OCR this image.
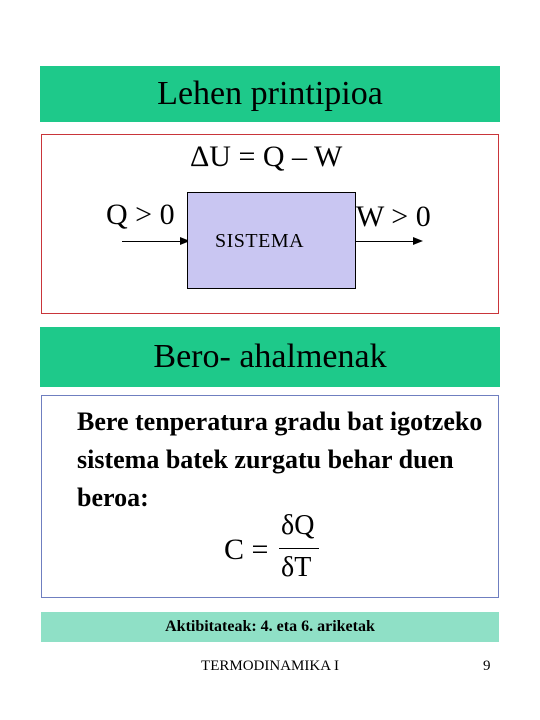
Lehen printipioa
ΔU = Q – W
Q > 0	W > 0
SISTEMA
Bero- ahalmenak
Bere tenperatura gradu bat igotzeko sistema batek zurgatu behar duen beroa:
C =
δQ
δT
Aktibitateak: 4. eta 6. ariketak
TERMODINAMIKA I	9
